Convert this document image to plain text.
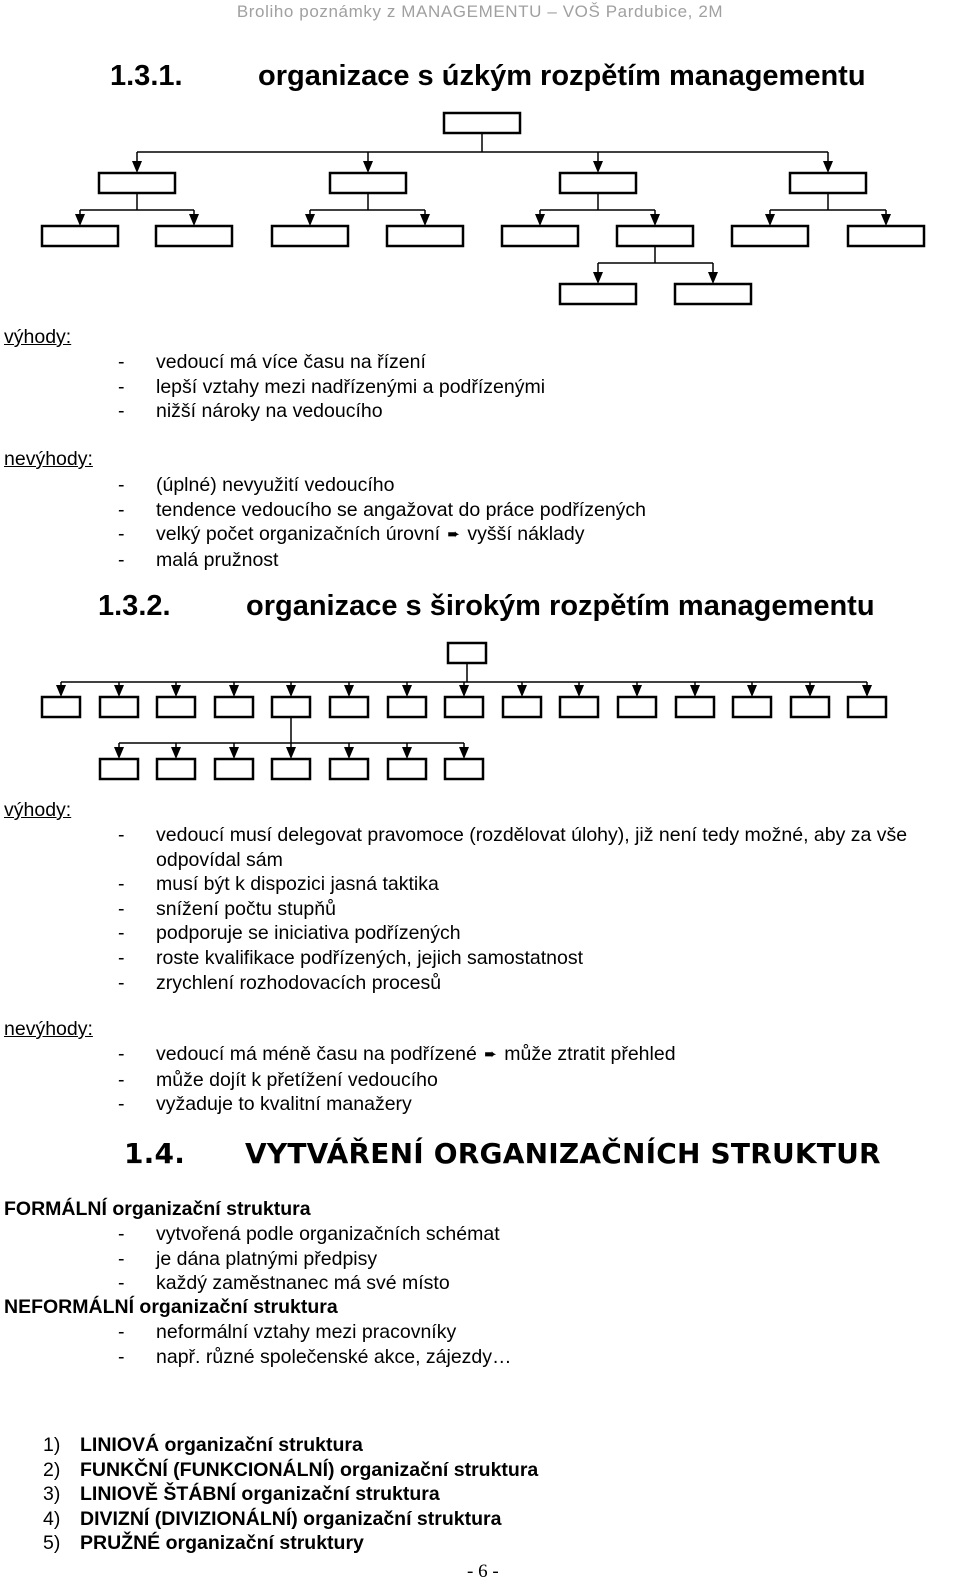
Broliho poznámky z MANAGEMENTU – VOŠ Pardubice, 2M
1.3.1.	organizace s úzkým rozpětím managementu
výhody:
- vedoucí má více času na řízení
- lepší vztahy mezi nadřízenými a podřízenými
- nižší nároky na vedoucího
nevýhody:
- (úplné) nevyužití vedoucího
- tendence vedoucího se angažovat do práce podřízených
- velký počet organizačních úrovní ➨ vyšší náklady
- malá pružnost
1.3.2.	organizace s širokým rozpětím managementu
výhody:
- vedoucí musí delegovat pravomoce (rozdělovat úlohy), již není tedy možné, aby za vše odpovídal sám
- musí být k dispozici jasná taktika
- snížení počtu stupňů
- podporuje se iniciativa podřízených
- roste kvalifikace podřízených, jejich samostatnost
- zrychlení rozhodovacích procesů
nevýhody:
- vedoucí má méně času na podřízené ➨ může ztratit přehled
- může dojít k přetížení vedoucího
- vyžaduje to kvalitní manažery
1.4. VYTVÁŘENÍ ORGANIZAČNÍCH STRUKTUR
FORMÁLNÍ organizační struktura
- vytvořená podle organizačních schémat
- je dána platnými předpisy
- každý zaměstnanec má své místo
NEFORMÁLNÍ organizační struktura
- neformální vztahy mezi pracovníky
- např. různé společenské akce, zájezdy…
1) LINIOVÁ organizační struktura
2) FUNKČNÍ (FUNKCIONÁLNÍ) organizační struktura
3) LINIOVĚ ŠTÁBNÍ organizační struktura
4) DIVIZNÍ (DIVIZIONÁLNÍ) organizační struktura
5) PRUŽNÉ organizační struktury
- 6 -
